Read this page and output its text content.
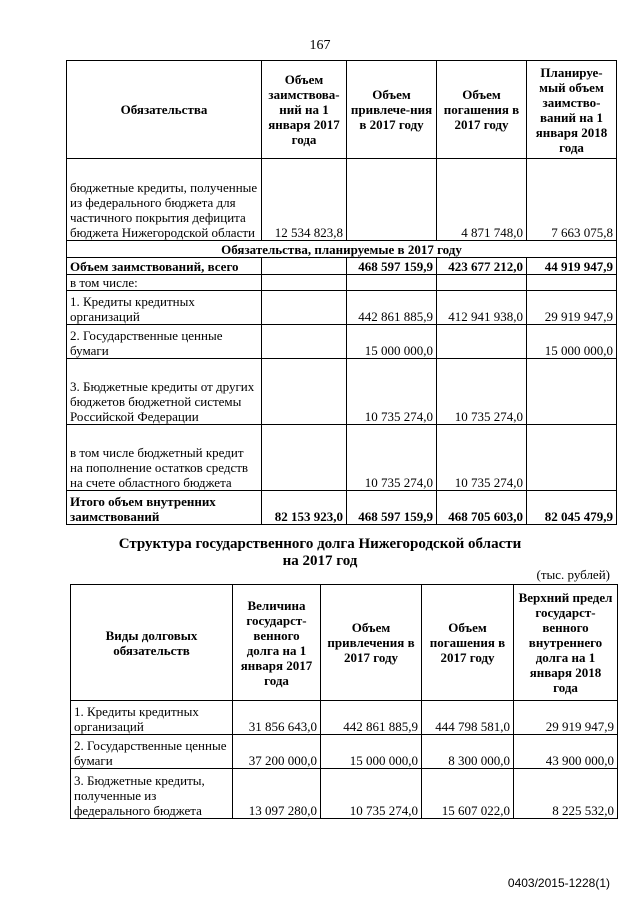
167
Обязательства	Объем заимствова-ний на 1 января 2017 года	Объем привлече-ния в 2017 году	Объем погашения в 2017 году	Планируе-мый объем заимство-ваний на 1 января 2018 года
бюджетные кредиты, полученные из федерального бюджета для частичного покрытия дефицита бюджета Нижегородской области	12 534 823,8		4 871 748,0	7 663 075,8
Обязательства, планируемые в 2017 году				
Объем заимствований, всего		468 597 159,9	423 677 212,0	44 919 947,9
в том числе:				
1. Кредиты кредитных организаций		442 861 885,9	412 941 938,0	29 919 947,9
2. Государственные ценные бумаги		15 000 000,0		15 000 000,0
3. Бюджетные кредиты от других бюджетов бюджетной системы Российской Федерации		10 735 274,0	10 735 274,0	
в том числе бюджетный кредит на пополнение остатков средств на счете областного бюджета		10 735 274,0	10 735 274,0	
Итого объем внутренних заимствований	82 153 923,0	468 597 159,9	468 705 603,0	82 045 479,9
Структура государственного долга Нижегородской области
на 2017 год
(тыс. рублей)
Виды долговых обязательств	Величина государст-венного долга на 1 января 2017 года	Объем привлечения в 2017 году	Объем погашения в 2017 году	Верхний предел государст-венного внутреннего долга на 1 января 2018 года
1. Кредиты кредитных организаций	31 856 643,0	442 861 885,9	444 798 581,0	29 919 947,9
2. Государственные ценные бумаги	37 200 000,0	15 000 000,0	8 300 000,0	43 900 000,0
3. Бюджетные кредиты, полученные из федерального бюджета	13 097 280,0	10 735 274,0	15 607 022,0	8 225 532,0
0403/2015-1228(1)
